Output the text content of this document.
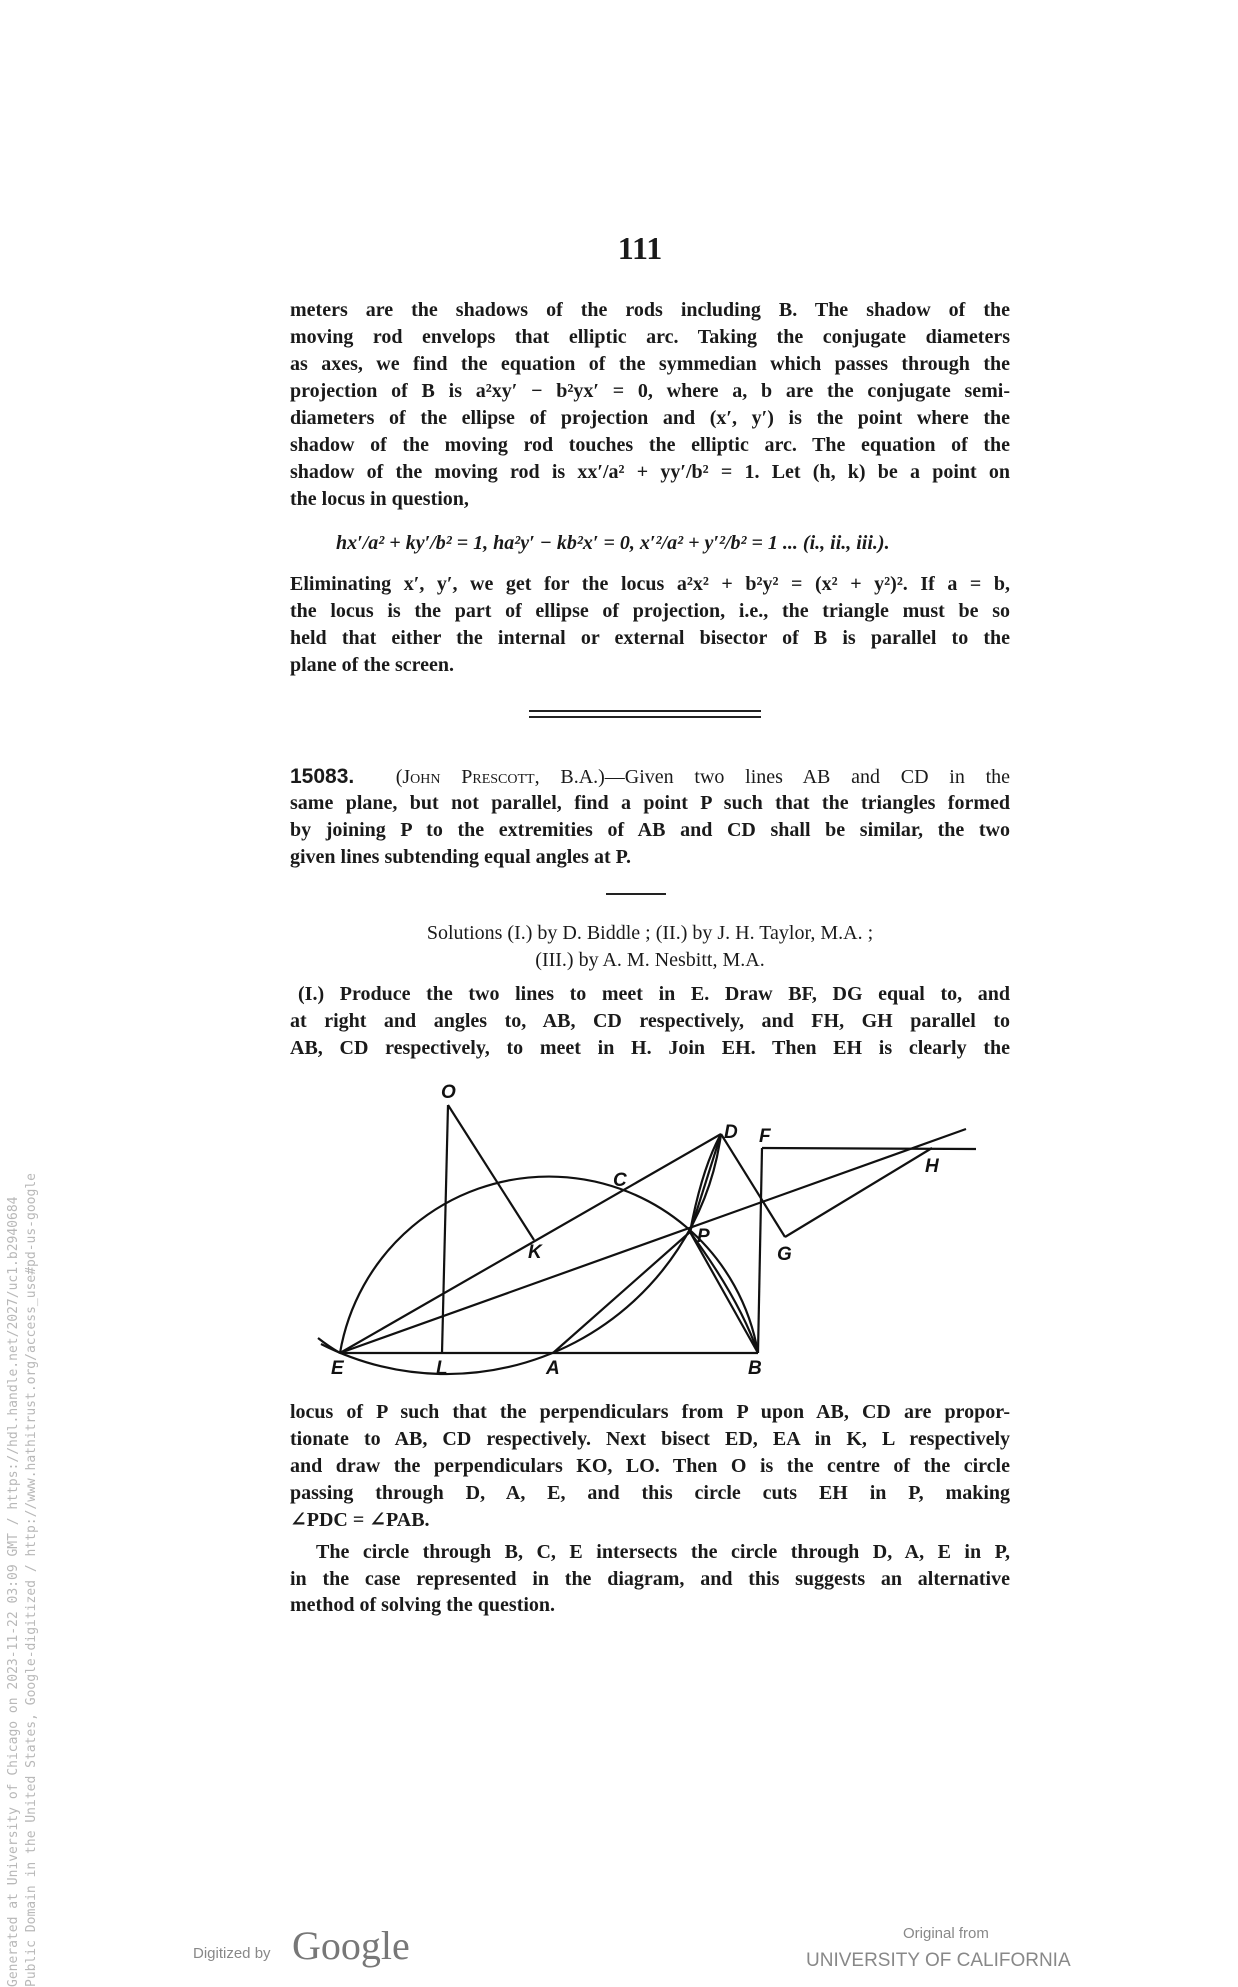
111
meters are the shadows of the rods including B. The shadow of the
moving rod envelops that elliptic arc. Taking the conjugate diameters
as axes, we find the equation of the symmedian which passes through the
projection of B is a²xy′ − b²yx′ = 0, where a, b are the conjugate semi-
diameters of the ellipse of projection and (x′, y′) is the point where the
shadow of the moving rod touches the elliptic arc. The equation of the
shadow of the moving rod is xx′/a² + yy′/b² = 1. Let (h, k) be a point on
the locus in question,
hx′/a² + ky′/b² = 1, ha²y′ − kb²x′ = 0, x′²/a² + y′²/b² = 1 ... (i., ii., iii.).
Eliminating x′, y′, we get for the locus a²x² + b²y² = (x² + y²)². If a = b,
the locus is the part of ellipse of projection, i.e., the triangle must be so
held that either the internal or external bisector of B is parallel to the
plane of the screen.
15083. (John Prescott, B.A.)—Given two lines AB and CD in the
same plane, but not parallel, find a point P such that the triangles formed
by joining P to the extremities of AB and CD shall be similar, the two
given lines subtending equal angles at P.
Solutions (I.) by D. Biddle ; (II.) by J. H. Taylor, M.A. ;
(III.) by A. M. Nesbitt, M.A.
(I.) Produce the two lines to meet in E. Draw BF, DG equal to, and
at right and angles to, AB, CD respectively, and FH, GH parallel to
AB, CD respectively, to meet in H. Join EH. Then EH is clearly the
O
D F
H
C
P
K	G
E	L	A	B
locus of P such that the perpendiculars from P upon AB, CD are propor-
tionate to AB, CD respectively. Next bisect ED, EA in K, L respectively
and draw the perpendiculars KO, LO. Then O is the centre of the circle
passing through D, A, E, and this circle cuts EH in P, making
∠PDC = ∠PAB.
The circle through B, C, E intersects the circle through D, A, E in P,
in the case represented in the diagram, and this suggests an alternative
method of solving the question.
Generated at University of Chicago on 2023-11-22 03:09 GMT / https://hdl.handle.net/2027/uc1.b2940684 Public Domain in the United States, Google-digitized / http://www.hathitrust.org/access_use#pd-us-google	Digitized by Google	Original from
UNIVERSITY OF CALIFORNIA
